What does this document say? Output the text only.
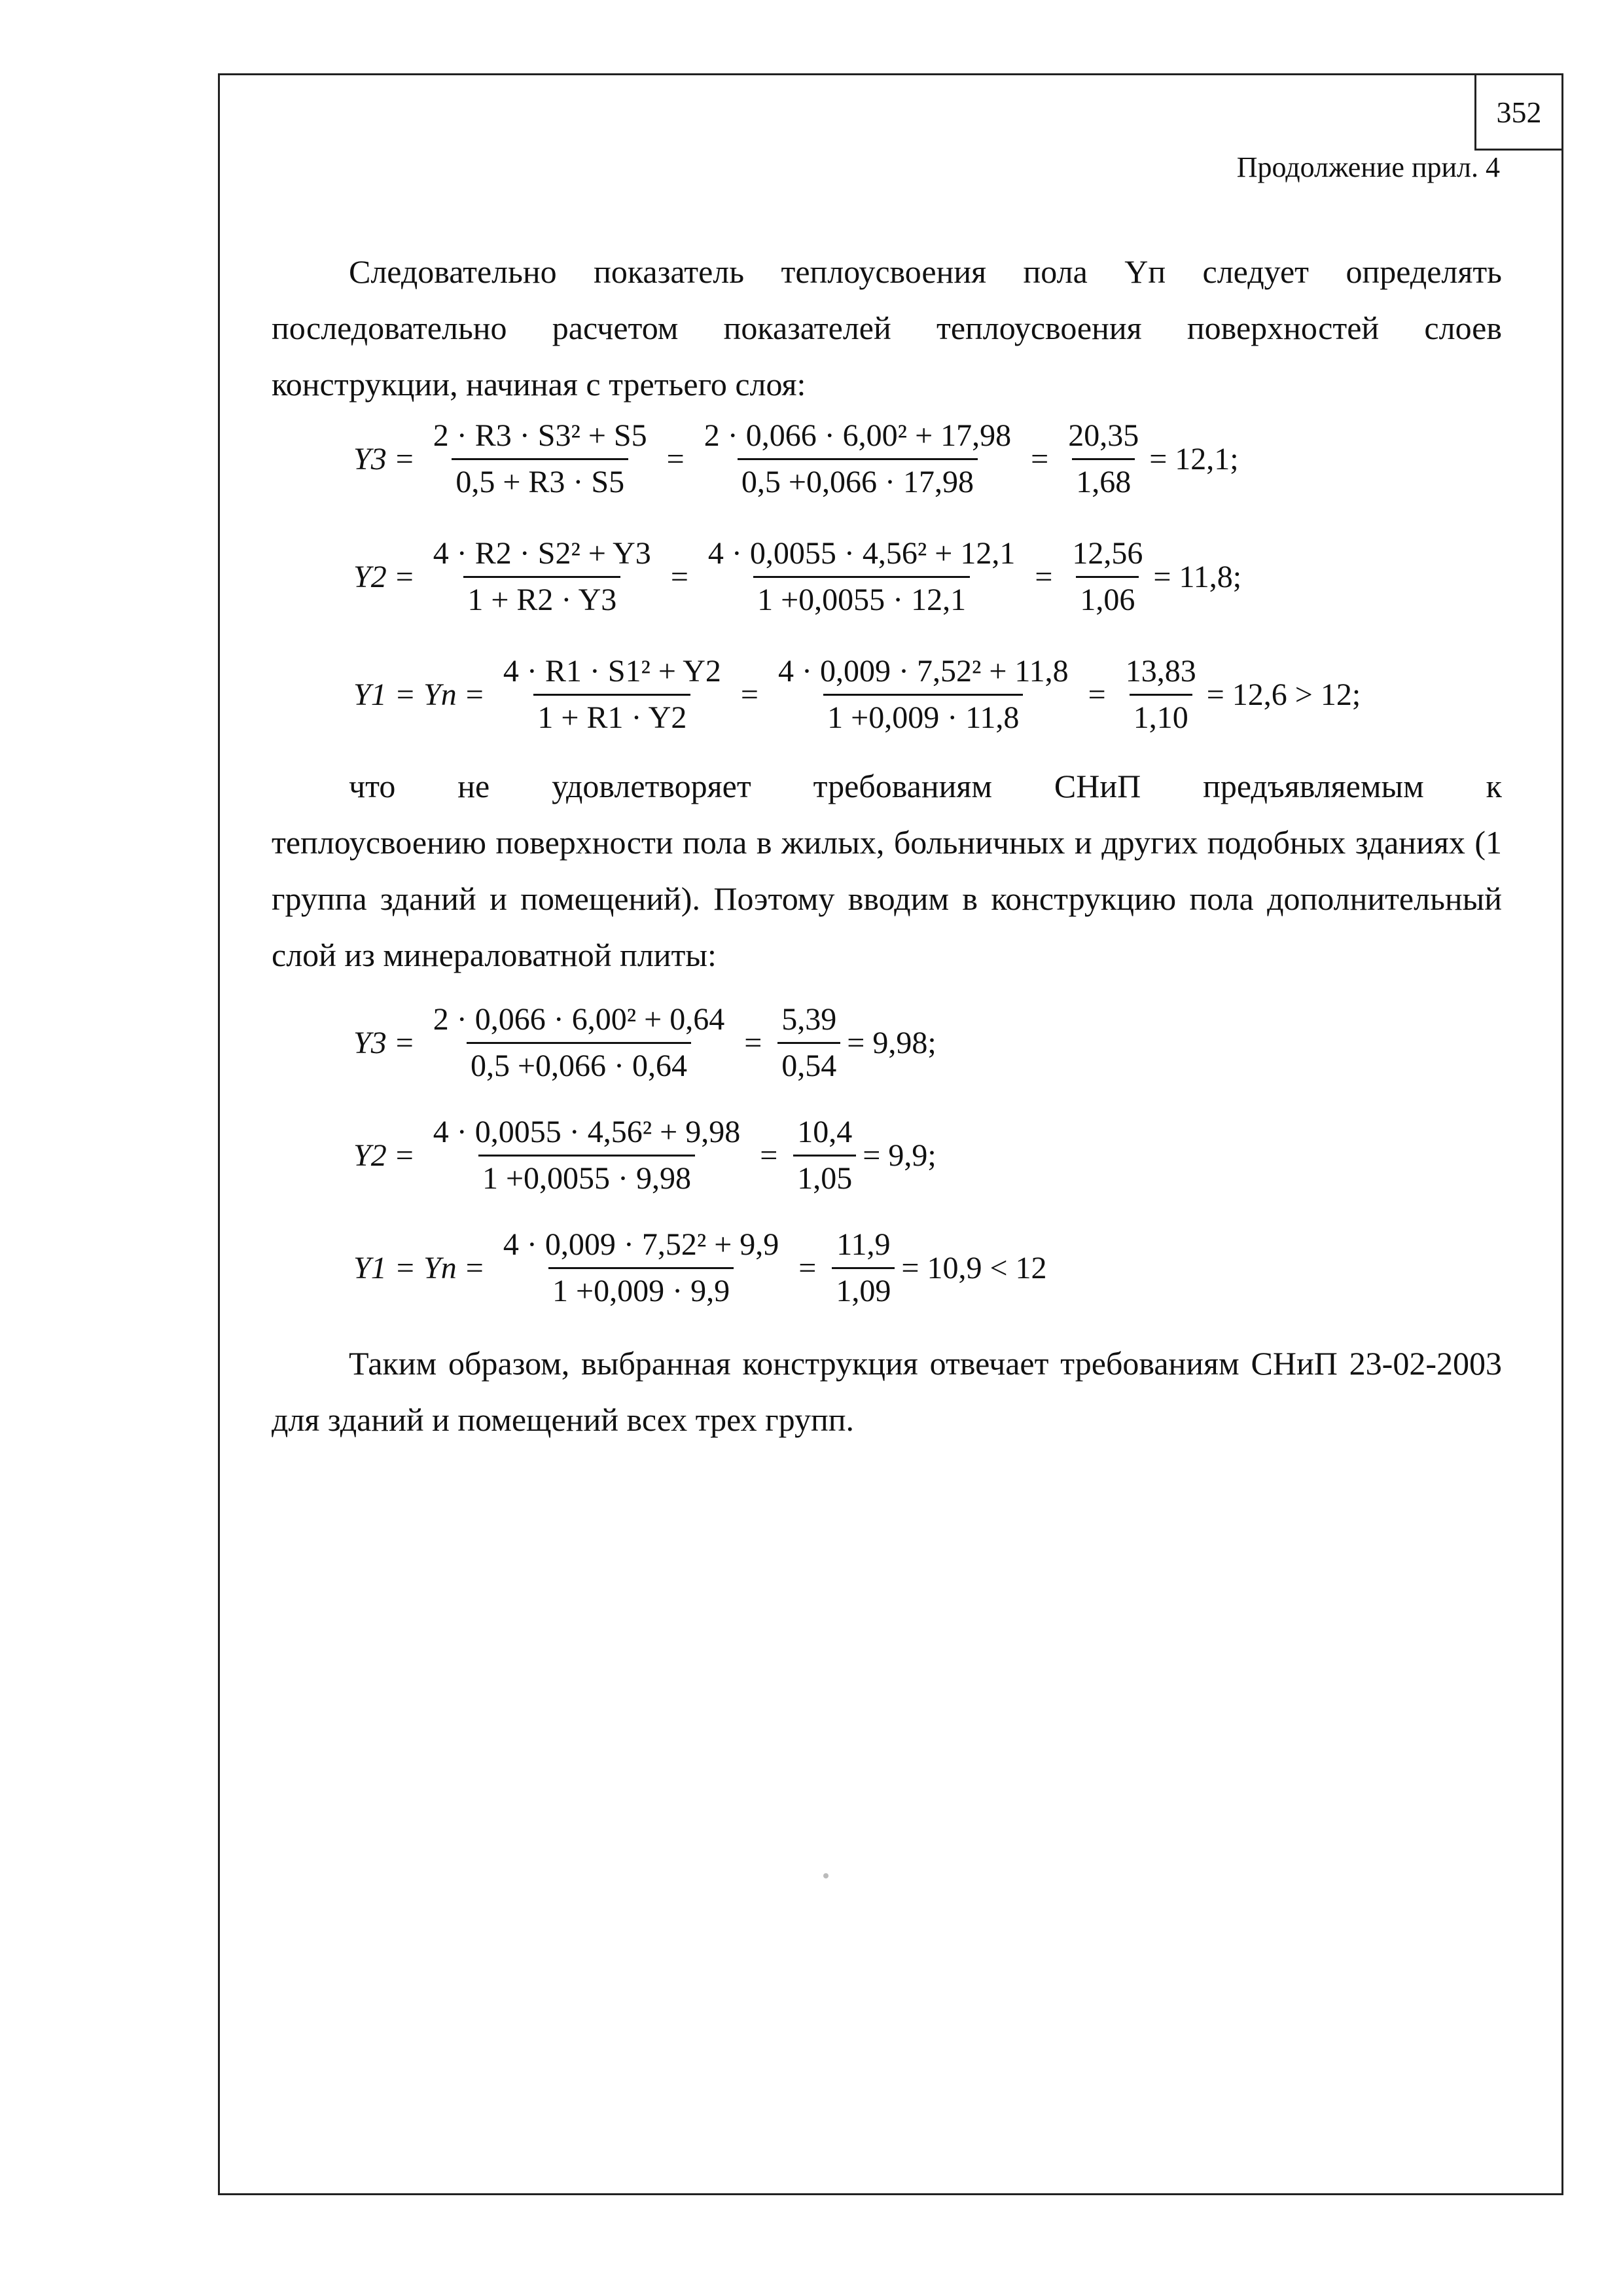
352
Продолжение прил. 4
Следовательно показатель теплоусвоения пола Yп следует определять последовательно расчетом показателей теплоусвоения поверхностей слоев конструкции, начиная с третьего слоя:
$Y3 = \frac{\text{2 · R3 · S3² + S5}}{0,5 + R3 \cdot S5} = \frac{\text{2 · 0,066 · 6,00² + 17,98}}{0,5 +0,066 \cdot 17,98} = \frac{20,35}{1,68} = 12,1$;
$Y2 = \frac{\text{4 · R2 · S2² + Y3}}{1 + R2 \cdot Y3} = \frac{\text{4 · 0,0055 · 4,56² + 12,1}}{1 +0,0055 \cdot 12,1} = \frac{12,56}{1,06} = 11,8$;
$Y1 = Yn = \frac{\text{4 · R1 · S1² + Y2}}{1 + R1 \cdot Y2} = \frac{\text{4 · 0,009 · 7,52² + 11,8}}{1 +0,009 \cdot 11,8} = \frac{13,83}{1,10} = 12,6 > 12$;
что не удовлетворяет требованиям СНиП предъявляемым к
теплоусвоению поверхности пола в жилых, больничных и других подобных зданиях (1 группа зданий и помещений). Поэтому вводим в конструкцию пола дополнительный слой из минераловатной плиты:
$Y3 = \frac{\text{2 · 0,066 · 6,00² + 0,64}}{0,5 +0,066 \cdot 0,64} = \frac{5,39}{0,54} = 9,98$;
$Y2 = \frac{\text{4 · 0,0055 · 4,56² + 9,98}}{1 +0,0055 \cdot 9,98} = \frac{10,4}{1,05} = 9,9$;
$Y1 = Yn = \frac{\text{4 · 0,009 · 7,52² + 9,9}}{1 +0,009 \cdot 9,9} = \frac{11,9}{1,09} = 10,9 < 12$
Таким образом, выбранная конструкция отвечает требованиям СНиП 23-02-2003 для зданий и помещений всех трех групп.
